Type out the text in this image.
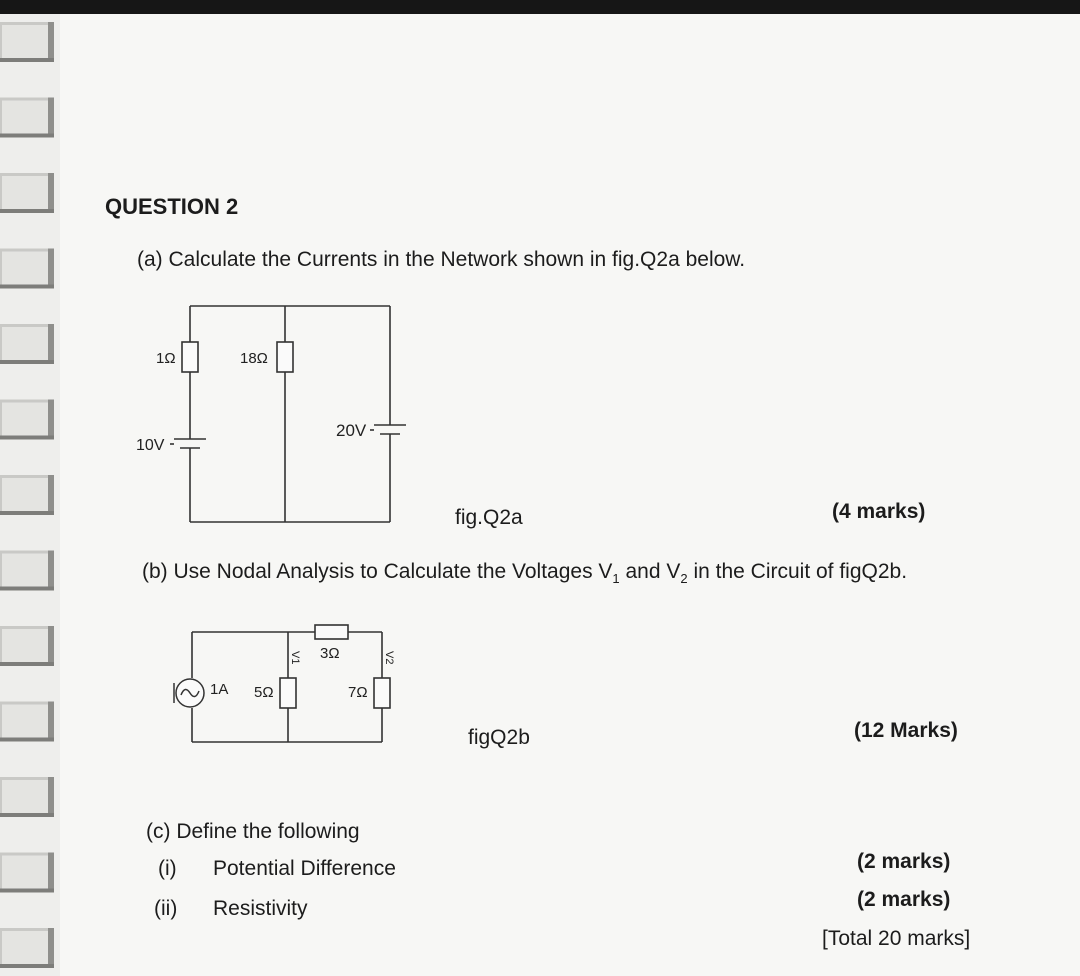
QUESTION 2
(a) Calculate the Currents in the Network shown in fig.Q2a below.
1Ω	18Ω
10V
20V
fig.Q2a	(4 marks)
(b) Use Nodal Analysis to Calculate the Voltages $V_1$ and $V_2$ in the Circuit of figQ2b.
1A 5Ω
3Ω
7Ω
V1	V2
figQ2b	(12 Marks)
(c) Define the following
(i) Potential Difference	(2 marks)
(ii) Resistivity	(2 marks)
[Total 20 marks]
